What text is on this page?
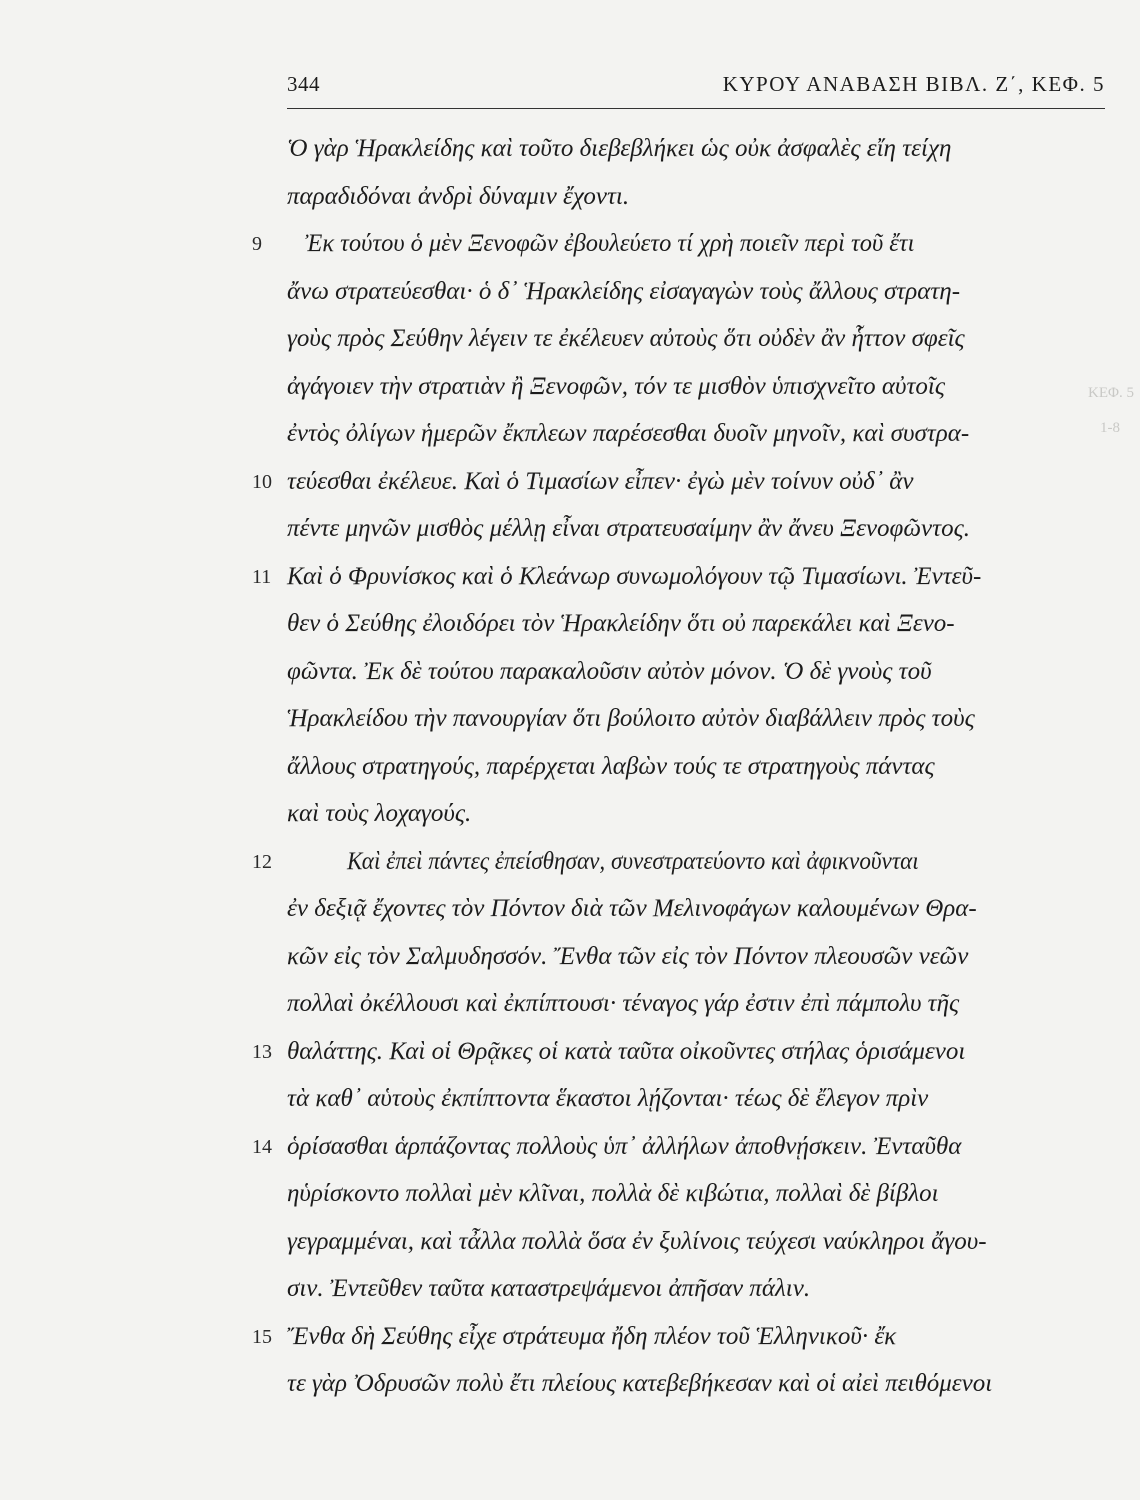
344	ΚΥΡΟΥ ΑΝΑΒΑΣΗ ΒΙΒΛ. Ζ΄, ΚΕΦ. 5
Ὁ γὰρ Ἡρακλείδης καὶ τοῦτο διεβεβλήκει ὡς οὐκ ἀσφαλὲς εἴη τείχη
παραδιδόναι ἀνδρὶ δύναμιν ἔχοντι.
Ἐκ τούτου ὁ μὲν Ξενοφῶν ἐβουλεύετο τί χρὴ ποιεῖν περὶ τοῦ ἔτι
ἄνω στρατεύεσθαι· ὁ δ᾽ Ἡρακλείδης εἰσαγαγὼν τοὺς ἄλλους στρατη-
γοὺς πρὸς Σεύθην λέγειν τε ἐκέλευεν αὐτοὺς ὅτι οὐδὲν ἂν ἧττον σφεῖς
ἀγάγοιεν τὴν στρατιὰν ἢ Ξενοφῶν, τόν τε μισθὸν ὑπισχνεῖτο αὐτοῖς
ἐντὸς ὀλίγων ἡμερῶν ἔκπλεων παρέσεσθαι δυοῖν μηνοῖν, καὶ συστρα-
τεύεσθαι ἐκέλευε. Καὶ ὁ Τιμασίων εἶπεν· ἐγὼ μὲν τοίνυν οὐδ᾽ ἂν
πέντε μηνῶν μισθὸς μέλλῃ εἶναι στρατευσαίμην ἂν ἄνευ Ξενοφῶντος.
Καὶ ὁ Φρυνίσκος καὶ ὁ Κλεάνωρ συνωμολόγουν τῷ Τιμασίωνι. Ἐντεῦ-
θεν ὁ Σεύθης ἐλοιδόρει τὸν Ἡρακλείδην ὅτι οὐ παρεκάλει καὶ Ξενο-
φῶντα. Ἐκ δὲ τούτου παρακαλοῦσιν αὐτὸν μόνον. Ὁ δὲ γνοὺς τοῦ
Ἡρακλείδου τὴν πανουργίαν ὅτι βούλοιτο αὐτὸν διαβάλλειν πρὸς τοὺς
ἄλλους στρατηγούς, παρέρχεται λαβὼν τούς τε στρατηγοὺς πάντας
καὶ τοὺς λοχαγούς.
Καὶ ἐπεὶ πάντες ἐπείσθησαν, συνεστρατεύοντο καὶ ἀφικνοῦνται
ἐν δεξιᾷ ἔχοντες τὸν Πόντον διὰ τῶν Μελινοφάγων καλουμένων Θρα-
κῶν εἰς τὸν Σαλμυδησσόν. Ἔνθα τῶν εἰς τὸν Πόντον πλεουσῶν νεῶν
πολλαὶ ὀκέλλουσι καὶ ἐκπίπτουσι· τέναγος γάρ ἐστιν ἐπὶ πάμπολυ τῆς
θαλάττης. Καὶ οἱ Θρᾷκες οἱ κατὰ ταῦτα οἰκοῦντες στήλας ὁρισάμενοι
τὰ καθ᾽ αὑτοὺς ἐκπίπτοντα ἕκαστοι λῄζονται· τέως δὲ ἔλεγον πρὶν
ὁρίσασθαι ἁρπάζοντας πολλοὺς ὑπ᾽ ἀλλήλων ἀποθνῄσκειν. Ἐνταῦθα
ηὑρίσκοντο πολλαὶ μὲν κλῖναι, πολλὰ δὲ κιβώτια, πολλαὶ δὲ βίβλοι
γεγραμμέναι, καὶ τἆλλα πολλὰ ὅσα ἐν ξυλίνοις τεύχεσι ναύκληροι ἄγου-
σιν. Ἐντεῦθεν ταῦτα καταστρεψάμενοι ἀπῆσαν πάλιν.
Ἔνθα δὴ Σεύθης εἶχε στράτευμα ἤδη πλέον τοῦ Ἑλληνικοῦ· ἔκ
τε γὰρ Ὀδρυσῶν πολὺ ἔτι πλείους κατεβεβήκεσαν καὶ οἱ αἰεὶ πειθόμενοι
9
10
11
12
13
14
15
ΚΕΦ. 5
1-8
